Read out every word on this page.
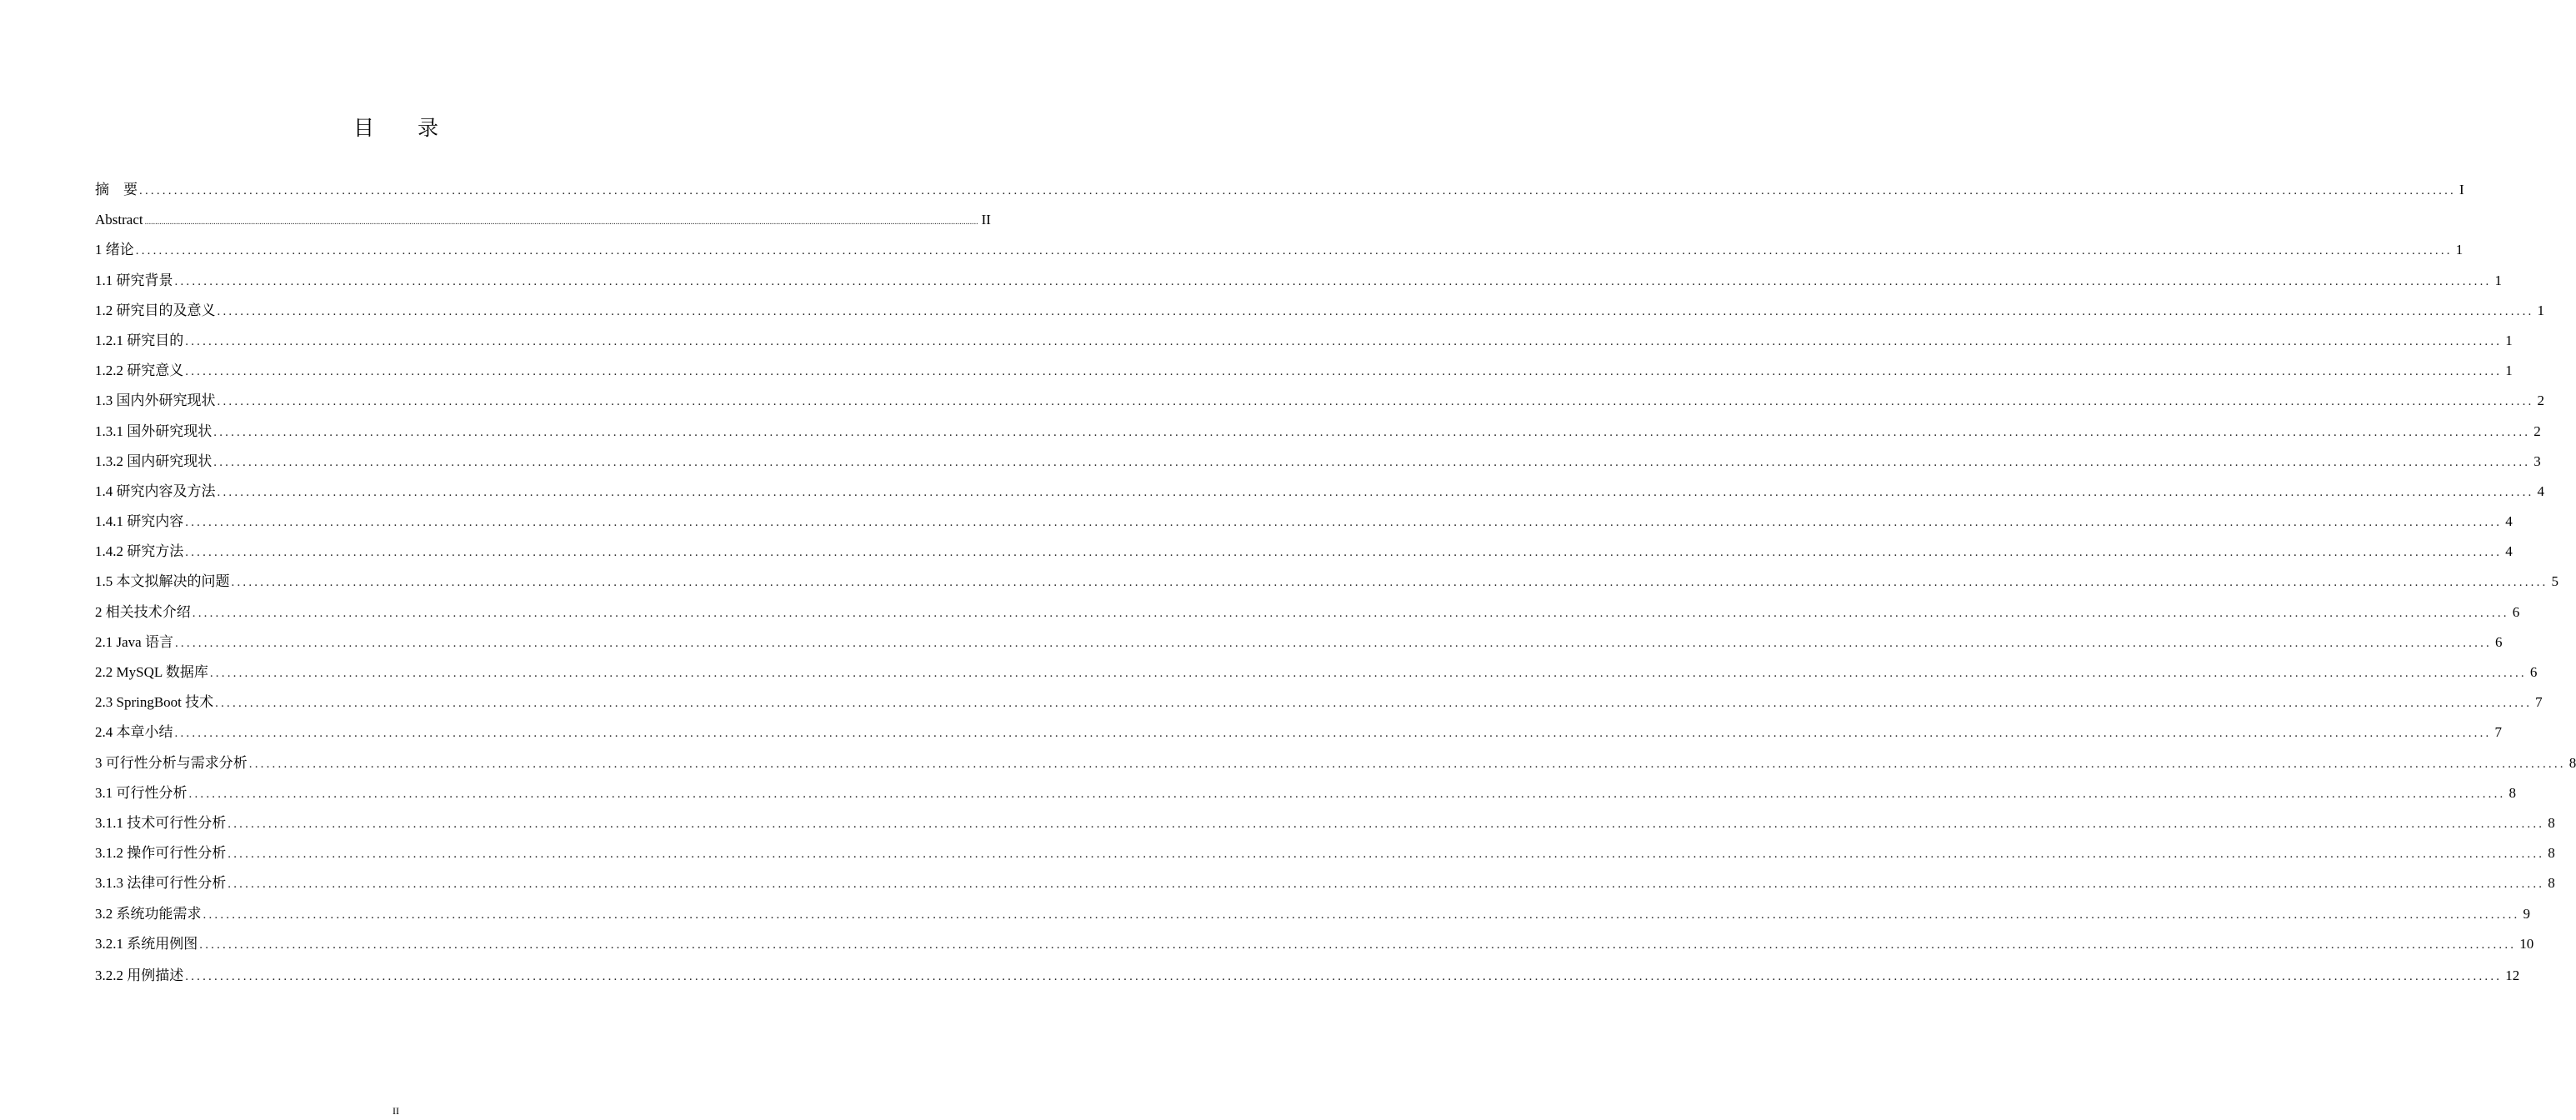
目 录
摘　要 ................................................................................................................................................................................................................................................................................................................................................................................................................ I
Abstract ................................................................................................................................................................................................................................................................................................................................................................................................................ II
1 绪论 ................................................................................................................................................................................................................................................................................................................................................................................................................ 1
1.1 研究背景 ................................................................................................................................................................................................................................................................................................................................................................................................................ 1
1.2 研究目的及意义 ................................................................................................................................................................................................................................................................................................................................................................................................................ 1
1.2.1 研究目的 ................................................................................................................................................................................................................................................................................................................................................................................................................ 1
1.2.2 研究意义 ................................................................................................................................................................................................................................................................................................................................................................................................................ 1
1.3 国内外研究现状 ................................................................................................................................................................................................................................................................................................................................................................................................................ 2
1.3.1 国外研究现状 ................................................................................................................................................................................................................................................................................................................................................................................................................ 2
1.3.2 国内研究现状 ................................................................................................................................................................................................................................................................................................................................................................................................................ 3
1.4 研究内容及方法 ................................................................................................................................................................................................................................................................................................................................................................................................................ 4
1.4.1 研究内容 ................................................................................................................................................................................................................................................................................................................................................................................................................ 4
1.4.2 研究方法 ................................................................................................................................................................................................................................................................................................................................................................................................................ 4
1.5 本文拟解决的问题 ................................................................................................................................................................................................................................................................................................................................................................................................................ 5
2 相关技术介绍 ................................................................................................................................................................................................................................................................................................................................................................................................................ 6
2.1 Java 语言 ................................................................................................................................................................................................................................................................................................................................................................................................................ 6
2.2 MySQL 数据库 ................................................................................................................................................................................................................................................................................................................................................................................................................ 6
2.3 SpringBoot 技术 ................................................................................................................................................................................................................................................................................................................................................................................................................ 7
2.4 本章小结 ................................................................................................................................................................................................................................................................................................................................................................................................................ 7
3 可行性分析与需求分析 ................................................................................................................................................................................................................................................................................................................................................................................................................ 8
3.1 可行性分析 ................................................................................................................................................................................................................................................................................................................................................................................................................ 8
3.1.1 技术可行性分析 ................................................................................................................................................................................................................................................................................................................................................................................................................ 8
3.1.2 操作可行性分析 ................................................................................................................................................................................................................................................................................................................................................................................................................ 8
3.1.3 法律可行性分析 ................................................................................................................................................................................................................................................................................................................................................................................................................ 8
3.2 系统功能需求 ................................................................................................................................................................................................................................................................................................................................................................................................................ 9
3.2.1 系统用例图 ................................................................................................................................................................................................................................................................................................................................................................................................................ 10
3.2.2 用例描述 ................................................................................................................................................................................................................................................................................................................................................................................................................ 12
II
